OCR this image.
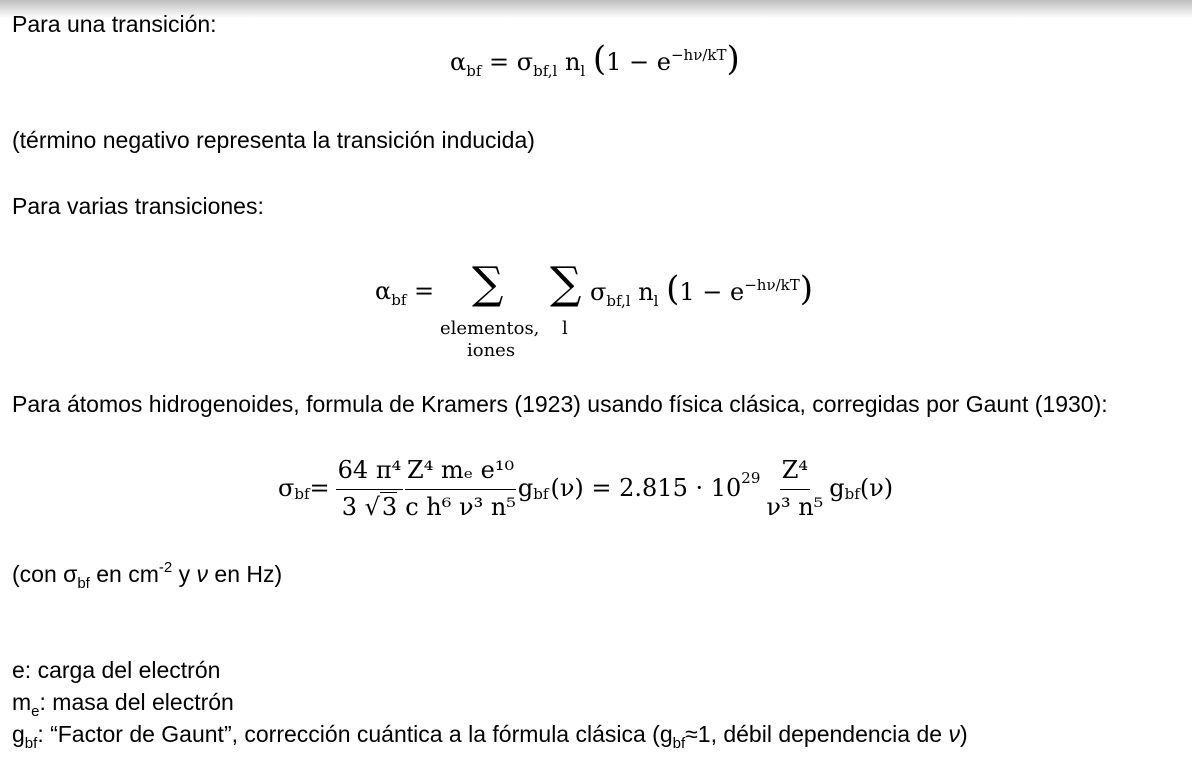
Para una transición:
$\alpha_{bf} = \sigma_{bf,l}$ $n_l$ $(1 - e^{-h\nu/kT})$
(término negativo representa la transición inducida)
Para varias transiciones:
$\alpha_{bf}$ = ∑
elementos,
iones
∑
l
$\sigma_{bf,l}$ $n_l$ $(1 - e^{-h\nu/kT})$
Para átomos hidrogenoides, formula de Kramers (1923) usando física clásica, corregidas por Gaunt (1930):
σ bf = $\frac{\text{64 π⁴}}{3 √3} \frac{\text{Z⁴ mₑ e¹⁰}}{\text{c h⁶ ν³ n⁵}}$ g bf (ν) = 2.815 · 10 $29 \frac{\text{Z⁴}}{\text{ν³ n⁵}}$ g bf (ν)
(con $\sigma_{bf}$ en $cm^{-2}$ y ν en Hz)
e: carga del electrón
$m_e$: masa del electrón
$g_{bf}$: “Factor de Gaunt”, corrección cuántica a la fórmula clásica ($g_{bf}\approx 1$, débil dependencia de ν)
